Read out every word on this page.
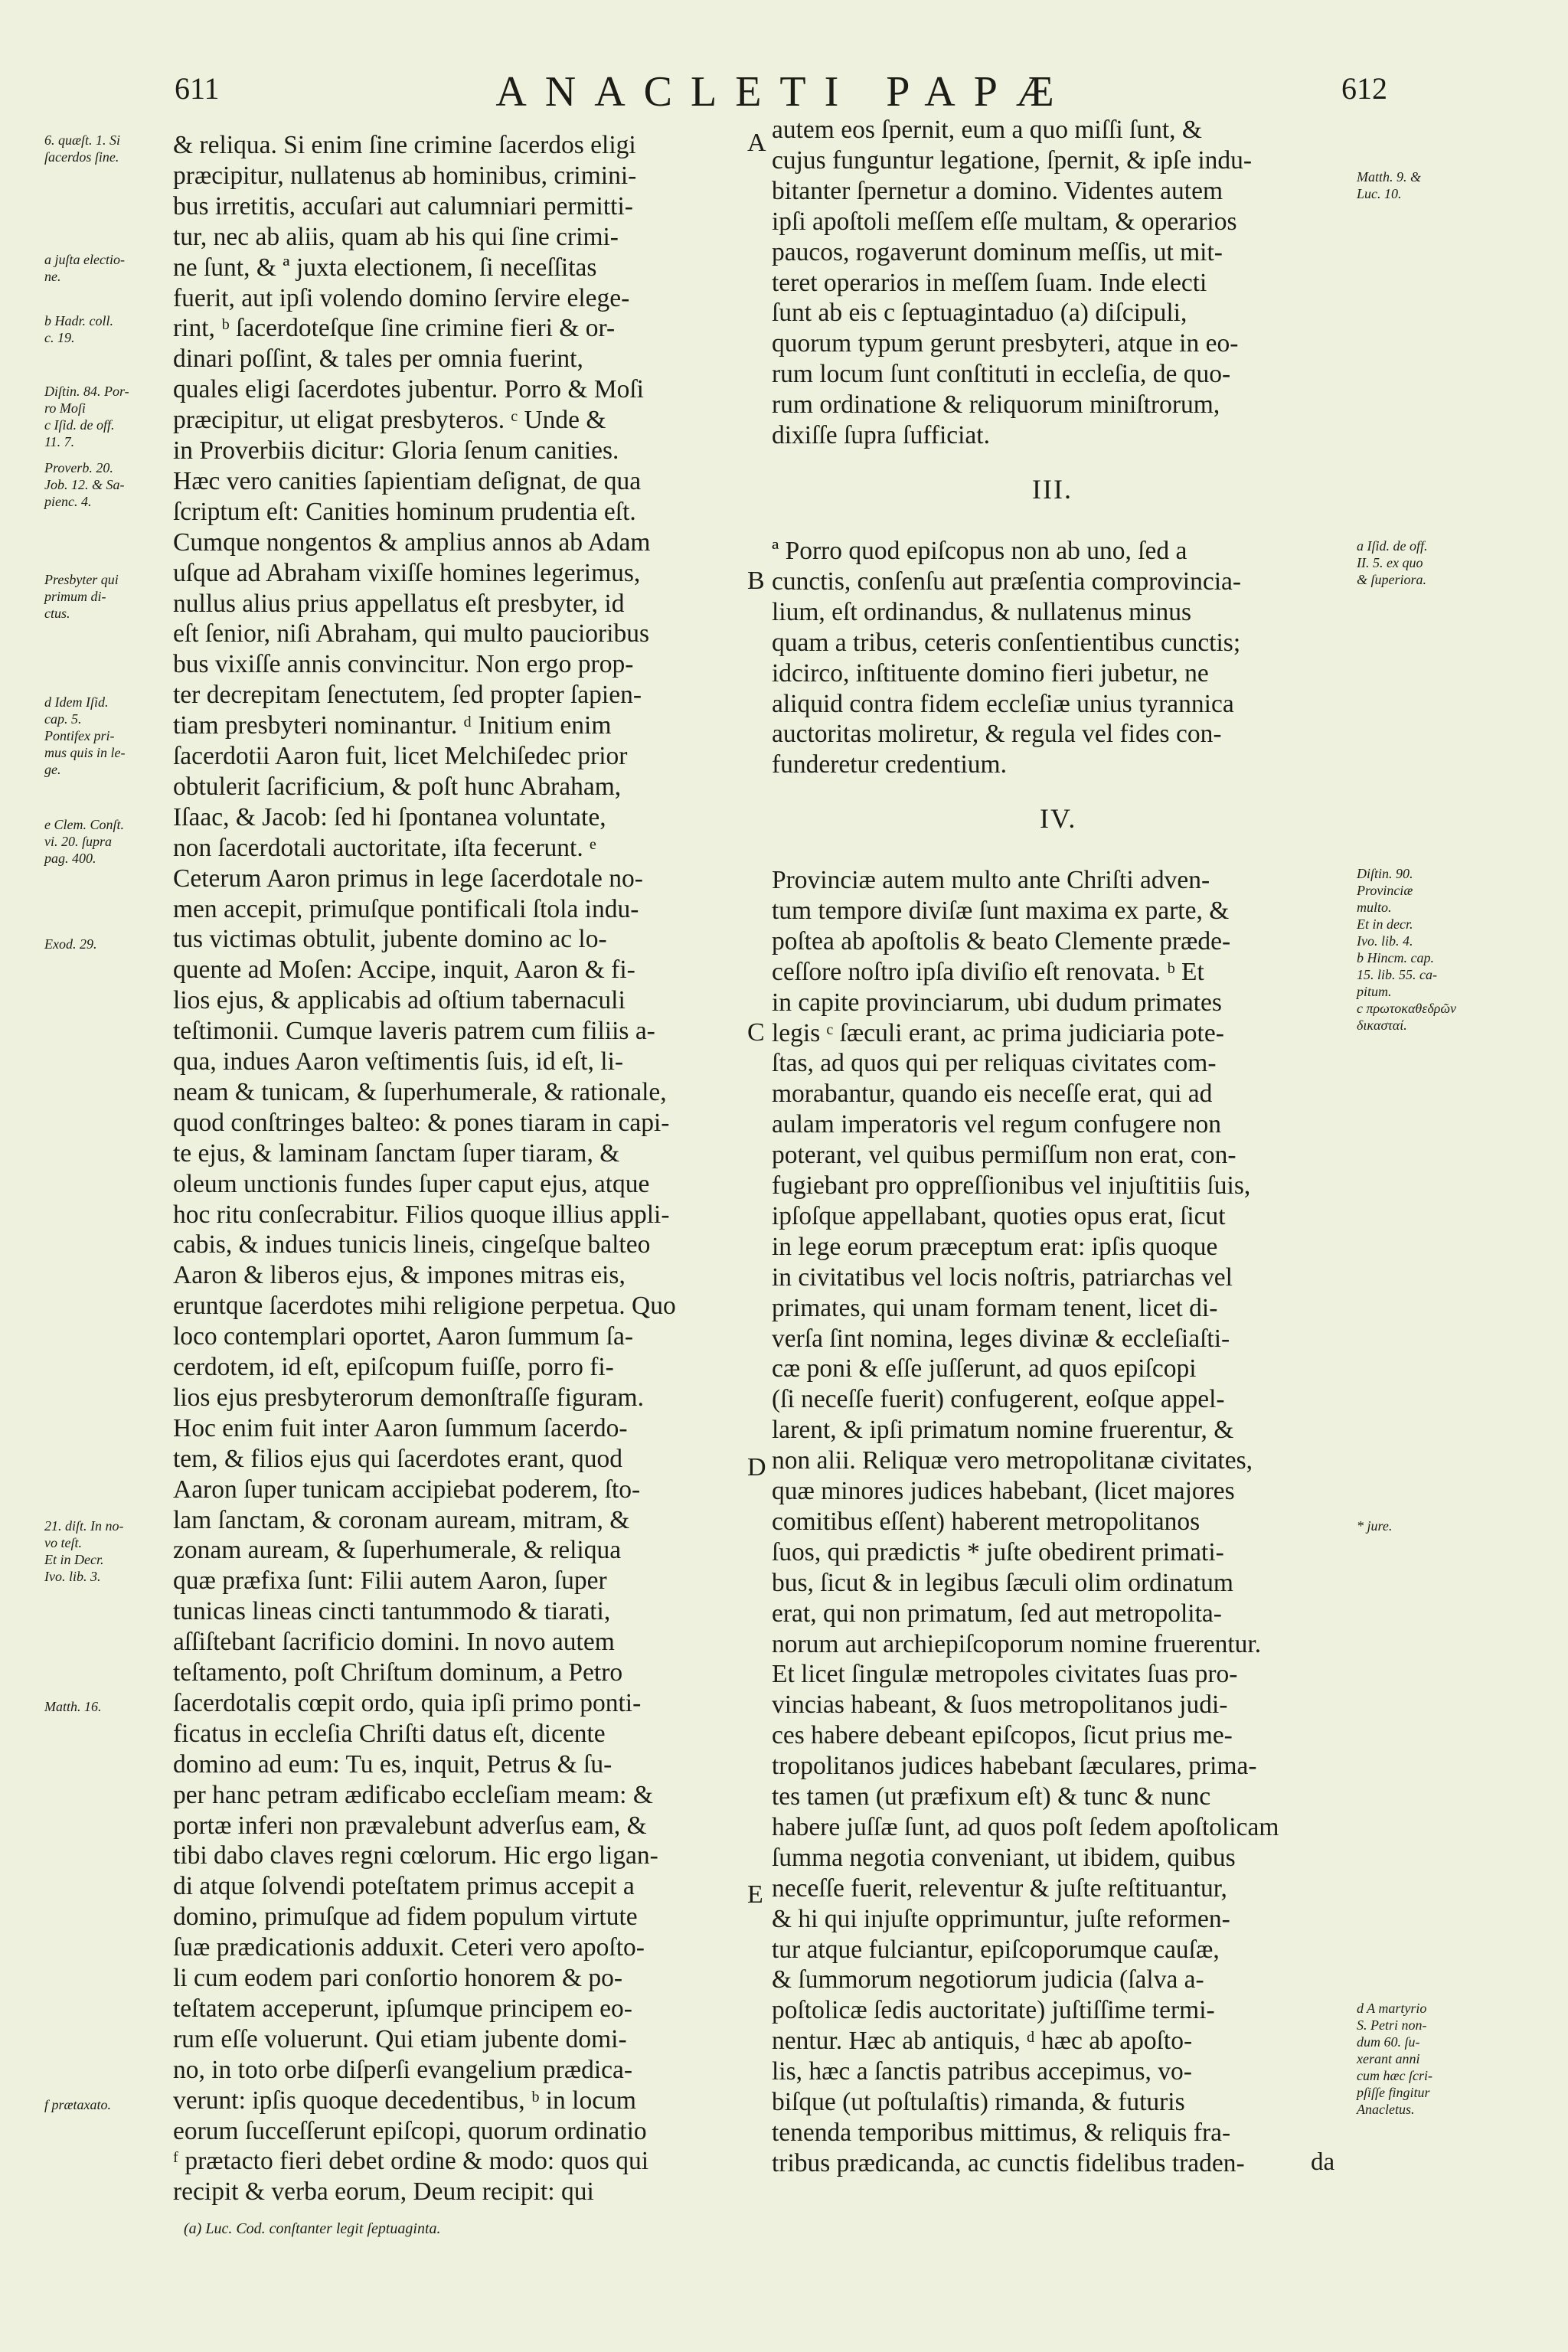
611	ANACLETI PAPÆ	612

& reliqua. Si enim ſine crimine ſacerdos eligi

præcipitur, nullatenus ab hominibus, crimini-

bus irretitis, accuſari aut calumniari permitti-

tur, nec ab aliis, quam ab his qui ſine crimi-

ne ſunt, & ª juxta electionem, ſi neceſſitas

fuerit, aut ipſi volendo domino ſervire elege-

rint, ᵇ ſacerdoteſque ſine crimine fieri & or-

dinari poſſint, & tales per omnia fuerint,

quales eligi ſacerdotes jubentur. Porro & Moſi

præcipitur, ut eligat presbyteros. ᶜ Unde &

in Proverbiis dicitur: Gloria ſenum canities.

Hæc vero canities ſapientiam deſignat, de qua

ſcriptum eſt: Canities hominum prudentia eſt.

Cumque nongentos & amplius annos ab Adam

uſque ad Abraham vixiſſe homines legerimus,

nullus alius prius appellatus eſt presbyter, id

eſt ſenior, niſi Abraham, qui multo paucioribus

bus vixiſſe annis convincitur. Non ergo prop-

ter decrepitam ſenectutem, ſed propter ſapien-

tiam presbyteri nominantur. ᵈ Initium enim

ſacerdotii Aaron fuit, licet Melchiſedec prior

obtulerit ſacrificium, & poſt hunc Abraham,

Iſaac, & Jacob: ſed hi ſpontanea voluntate,

non ſacerdotali auctoritate, iſta fecerunt. ᵉ

Ceterum Aaron primus in lege ſacerdotale no-

men accepit, primuſque pontificali ſtola indu-

tus victimas obtulit, jubente domino ac lo-

quente ad Moſen: Accipe, inquit, Aaron & fi-

lios ejus, & applicabis ad oſtium tabernaculi

teſtimonii. Cumque laveris patrem cum filiis a-

qua, indues Aaron veſtimentis ſuis, id eſt, li-

neam & tunicam, & ſuperhumerale, & rationale,

quod conſtringes balteo: & pones tiaram in capi-

te ejus, & laminam ſanctam ſuper tiaram, &

oleum unctionis fundes ſuper caput ejus, atque

hoc ritu conſecrabitur. Filios quoque illius appli-

cabis, & indues tunicis lineis, cingeſque balteo

Aaron & liberos ejus, & impones mitras eis,

eruntque ſacerdotes mihi religione perpetua. Quo

loco contemplari oportet, Aaron ſummum ſa-

cerdotem, id eſt, epiſcopum fuiſſe, porro fi-

lios ejus presbyterorum demonſtraſſe figuram.

Hoc enim fuit inter Aaron ſummum ſacerdo-

tem, & filios ejus qui ſacerdotes erant, quod

Aaron ſuper tunicam accipiebat poderem, ſto-

lam ſanctam, & coronam auream, mitram, &

zonam auream, & ſuperhumerale, & reliqua

quæ præfixa ſunt: Filii autem Aaron, ſuper

tunicas lineas cincti tantummodo & tiarati,

aſſiſtebant ſacrificio domini. In novo autem

teſtamento, poſt Chriſtum dominum, a Petro

ſacerdotalis cœpit ordo, quia ipſi primo ponti-

ficatus in eccleſia Chriſti datus eſt, dicente

domino ad eum: Tu es, inquit, Petrus & ſu-

per hanc petram ædificabo eccleſiam meam: &

portæ inferi non prævalebunt adverſus eam, &

tibi dabo claves regni cœlorum. Hic ergo ligan-

di atque ſolvendi poteſtatem primus accepit a

domino, primuſque ad fidem populum virtute

ſuæ prædicationis adduxit. Ceteri vero apoſto-

li cum eodem pari conſortio honorem & po-

teſtatem acceperunt, ipſumque principem eo-

rum eſſe voluerunt. Qui etiam jubente domi-

no, in toto orbe diſperſi evangelium prædica-

verunt: ipſis quoque decedentibus, ᵇ in locum

eorum ſucceſſerunt epiſcopi, quorum ordinatio

ᶠ prætacto fieri debet ordine & modo: quos qui

recipit & verba eorum, Deum recipit: qui

autem eos ſpernit, eum a quo miſſi ſunt, &

cujus funguntur legatione, ſpernit, & ipſe indu-

bitanter ſpernetur a domino. Videntes autem

ipſi apoſtoli meſſem eſſe multam, & operarios

paucos, rogaverunt dominum meſſis, ut mit-

teret operarios in meſſem ſuam. Inde electi

ſunt ab eis c ſeptuagintaduo (a) diſcipuli,

quorum typum gerunt presbyteri, atque in eo-

rum locum ſunt conſtituti in eccleſia, de quo-

rum ordinatione & reliquorum miniſtrorum,

dixiſſe ſupra ſufficiat.

III.

ª Porro quod epiſcopus non ab uno, ſed a

cunctis, conſenſu aut præſentia comprovincia-

lium, eſt ordinandus, & nullatenus minus

quam a tribus, ceteris conſentientibus cunctis;

idcirco, inſtituente domino fieri jubetur, ne

aliquid contra fidem eccleſiæ unius tyrannica

auctoritas moliretur, & regula vel fides con-

funderetur credentium.

IV.

Provinciæ autem multo ante Chriſti adven-

tum tempore diviſæ ſunt maxima ex parte, &

poſtea ab apoſtolis & beato Clemente præde-

ceſſore noſtro ipſa diviſio eſt renovata. ᵇ Et

in capite provinciarum, ubi dudum primates

legis ᶜ ſæculi erant, ac prima judiciaria pote-

ſtas, ad quos qui per reliquas civitates com-

morabantur, quando eis neceſſe erat, qui ad

aulam imperatoris vel regum confugere non

poterant, vel quibus permiſſum non erat, con-

fugiebant pro oppreſſionibus vel injuſtitiis ſuis,

ipſoſque appellabant, quoties opus erat, ſicut

in lege eorum præceptum erat: ipſis quoque

in civitatibus vel locis noſtris, patriarchas vel

primates, qui unam formam tenent, licet di-

verſa ſint nomina, leges divinæ & eccleſiaſti-

cæ poni & eſſe juſſerunt, ad quos epiſcopi

(ſi neceſſe fuerit) confugerent, eoſque appel-

larent, & ipſi primatum nomine fruerentur, &

non alii. Reliquæ vero metropolitanæ civitates,

quæ minores judices habebant, (licet majores

comitibus eſſent) haberent metropolitanos

ſuos, qui prædictis * juſte obedirent primati-

bus, ſicut & in legibus ſæculi olim ordinatum

erat, qui non primatum, ſed aut metropolita-

norum aut archiepiſcoporum nomine fruerentur.

Et licet ſingulæ metropoles civitates ſuas pro-

vincias habeant, & ſuos metropolitanos judi-

ces habere debeant epiſcopos, ſicut prius me-

tropolitanos judices habebant ſæculares, prima-

tes tamen (ut præfixum eſt) & tunc & nunc

habere juſſæ ſunt, ad quos poſt ſedem apoſtolicam

ſumma negotia conveniant, ut ibidem, quibus

neceſſe fuerit, releventur & juſte reſtituantur,

& hi qui injuſte opprimuntur, juſte reformen-

tur atque fulciantur, epiſcoporumque cauſæ,

& ſummorum negotiorum judicia (ſalva a-

poſtolicæ ſedis auctoritate) juſtiſſime termi-

nentur. Hæc ab antiquis, ᵈ hæc ab apoſto-

lis, hæc a ſanctis patribus accepimus, vo-

biſque (ut poſtulaſtis) rimanda, & futuris

tenenda temporibus mittimus, & reliquis fra-

tribus prædicanda, ac cunctis fidelibus traden-	da
(a) Luc. Cod. conſtanter legit ſeptuaginta.
6. quæſt. 1. Si
ſacerdos ſine.
a juſta electio-
ne.
b Hadr. coll.
c. 19.
Diſtin. 84. Por-
ro Moſi
c Iſid. de off.
11. 7.
Proverb. 20.
Job. 12. & Sa-
pienc. 4.
Presbyter qui
primum di-
ctus.
d Idem Iſid.
cap. 5.
Pontifex pri-
mus quis in le-
ge.
e Clem. Conſt.
vi. 20. ſupra
pag. 400.
Exod. 29.
21. diſt. In no-
vo teſt.
Et in Decr.
Ivo. lib. 3.
Matth. 16.
f prætaxato.
Matth. 9. &
Luc. 10.
a Iſid. de off.
II. 5. ex quo
& ſuperiora.
Diſtin. 90.
Provinciæ
multo.
Et in decr.
Ivo. lib. 4.
b Hincm. cap.
15. lib. 55. ca-
pitum.
c πρωτοκαθεδρῶν
δικασταί.
* jure.
d A martyrio
S. Petri non-
dum 60. ſu-
xerant anni
cum hæc ſcri-
pſiſſe fingitur
Anacletus.
A
B
C
D
E
